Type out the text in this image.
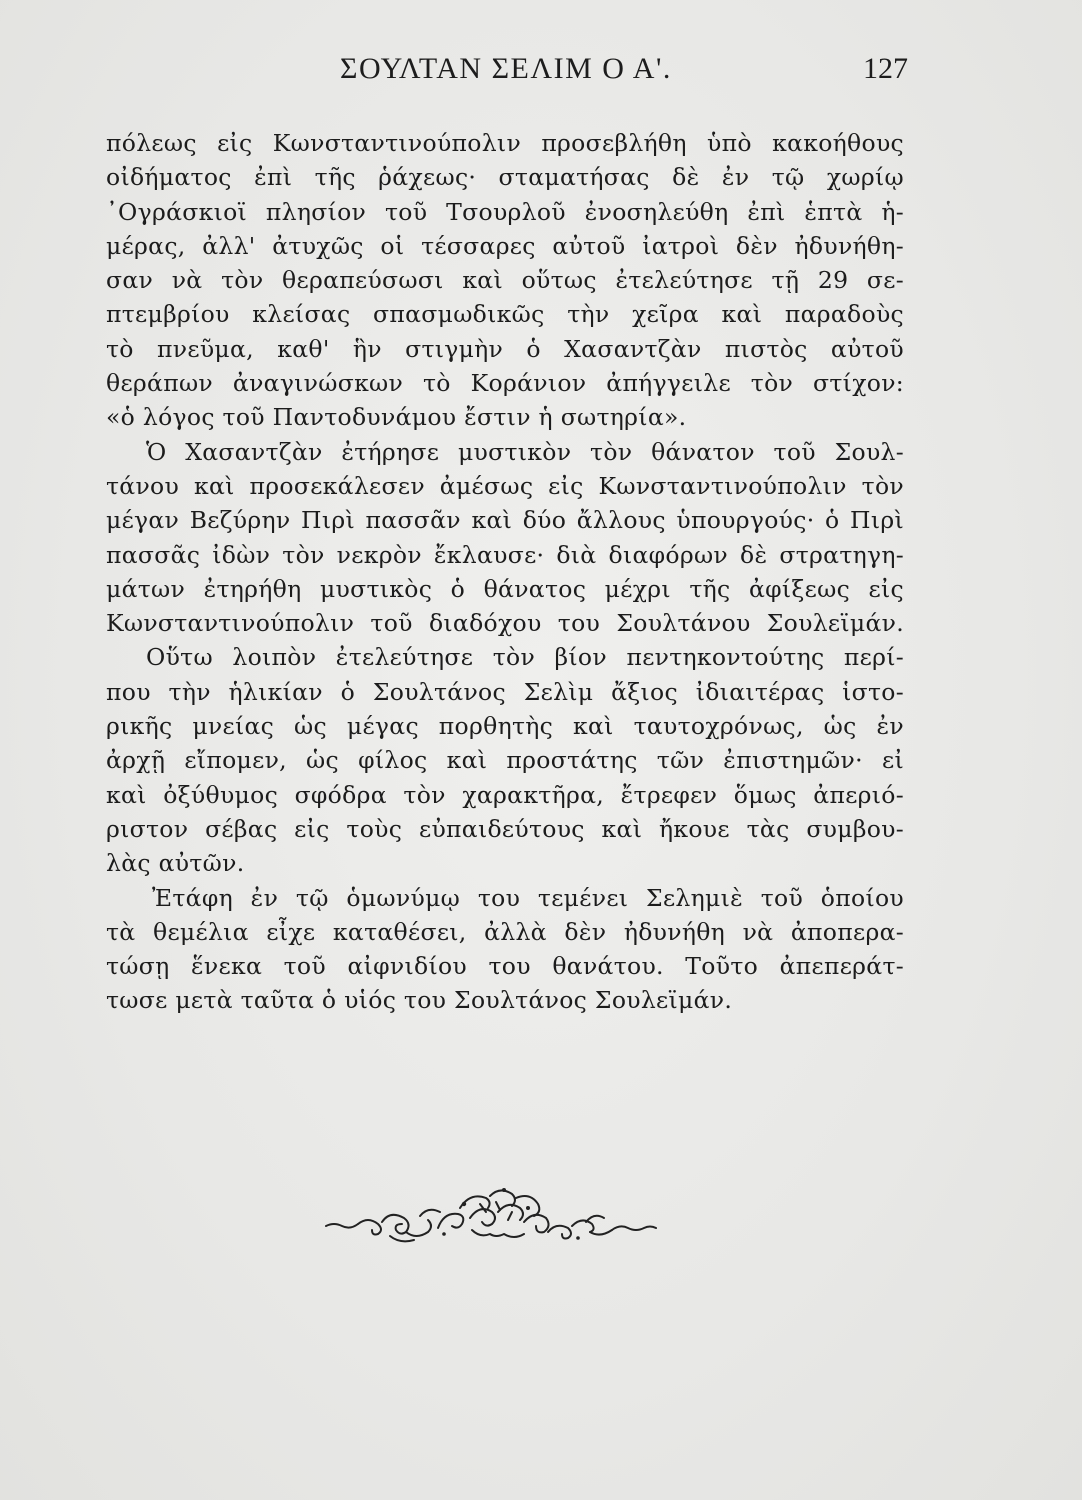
ΣΟΥΛΤΑΝ ΣΕΛΙΜ Ο Α'.	127
πόλεως εἰς Κωνσταντινούπολιν προσεβλήθη ὑπὸ κακοήθους
οἰδήματος ἐπὶ τῆς ῥάχεως· σταματήσας δὲ ἐν τῷ χωρίῳ
᾿Ογράσκιοϊ πλησίον τοῦ Τσουρλοῦ ἐνοσηλεύθη ἐπὶ ἑπτὰ ἡ-
μέρας, ἀλλ' ἀτυχῶς οἱ τέσσαρες αὐτοῦ ἰατροὶ δὲν ἠδυνήθη-
σαν νὰ τὸν θεραπεύσωσι καὶ οὕτως ἐτελεύτησε τῇ 29 σε-
πτεμβρίου κλείσας σπασμωδικῶς τὴν χεῖρα καὶ παραδοὺς
τὸ πνεῦμα, καθ' ἣν στιγμὴν ὁ Χασαντζὰν πιστὸς αὐτοῦ
θεράπων ἀναγινώσκων τὸ Κοράνιον ἀπήγγειλε τὸν στίχον:
«ὁ λόγος τοῦ Παντοδυνάμου ἔστιν ἡ σωτηρία».
Ὁ Χασαντζὰν ἐτήρησε μυστικὸν τὸν θάνατον τοῦ Σουλ-
τάνου καὶ προσεκάλεσεν ἀμέσως εἰς Κωνσταντινούπολιν τὸν
μέγαν Βεζύρην Πιρὶ πασσᾶν καὶ δύο ἄλλους ὑπουργούς· ὁ Πιρὶ
πασσᾶς ἰδὼν τὸν νεκρὸν ἔκλαυσε· διὰ διαφόρων δὲ στρατηγη-
μάτων ἐτηρήθη μυστικὸς ὁ θάνατος μέχρι τῆς ἀφίξεως εἰς
Κωνσταντινούπολιν τοῦ διαδόχου του Σουλτάνου Σουλεϊμάν.
Οὕτω λοιπὸν ἐτελεύτησε τὸν βίον πεντηκοντούτης περί-
που τὴν ἡλικίαν ὁ Σουλτάνος Σελὶμ ἄξιος ἰδιαιτέρας ἱστο-
ρικῆς μνείας ὡς μέγας πορθητὴς καὶ ταυτοχρόνως, ὡς ἐν
ἀρχῇ εἴπομεν, ὡς φίλος καὶ προστάτης τῶν ἐπιστημῶν· εἰ
καὶ ὀξύθυμος σφόδρα τὸν χαρακτῆρα, ἔτρεφεν ὅμως ἀπεριό-
ριστον σέβας εἰς τοὺς εὐπαιδεύτους καὶ ἤκουε τὰς συμβου-
λὰς αὐτῶν.
Ἐτάφη ἐν τῷ ὁμωνύμῳ του τεμένει Σελημιὲ τοῦ ὁποίου
τὰ θεμέλια εἶχε καταθέσει, ἀλλὰ δὲν ἠδυνήθη νὰ ἀποπερα-
τώσῃ ἕνεκα τοῦ αἰφνιδίου του θανάτου. Τοῦτο ἀπεπεράτ-
τωσε μετὰ ταῦτα ὁ υἱός του Σουλτάνος Σουλεϊμάν.
